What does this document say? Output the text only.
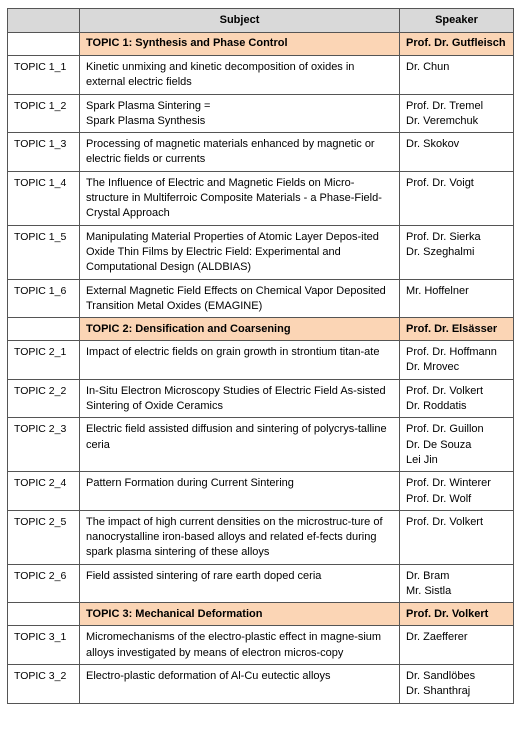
	Subject	Speaker
	TOPIC 1: Synthesis and Phase Control	Prof. Dr. Gutfleisch

TOPIC 1_1	Kinetic unmixing and kinetic decomposition of oxides in external electric fields	Dr. Chun

TOPIC 1_2	Spark Plasma Sintering =
Spark Plasma Synthesis	Prof. Dr. Tremel
Dr. Veremchuk

TOPIC 1_3	Processing of magnetic materials enhanced by magnetic or electric fields or currents	Dr. Skokov

TOPIC 1_4	The Influence of Electric and Magnetic Fields on Micro-structure in Multiferroic Composite Materials - a Phase-Field-Crystal Approach	Prof. Dr. Voigt

TOPIC 1_5	Manipulating Material Properties of Atomic Layer Depos-ited Oxide Thin Films by Electric Field: Experimental and Computational Design (ALDBIAS)	Prof. Dr. Sierka
Dr. Szeghalmi

TOPIC 1_6	External Magnetic Field Effects on Chemical Vapor Deposited Transition Metal Oxides (EMAGINE)	Mr. Hoffelner

	TOPIC 2: Densification and Coarsening	Prof. Dr. Elsässer

TOPIC 2_1	Impact of electric fields on grain growth in strontium titan-ate	Prof. Dr. Hoffmann
Dr. Mrovec

TOPIC 2_2	In-Situ Electron Microscopy Studies of Electric Field As-sisted Sintering of Oxide Ceramics	Prof. Dr. Volkert
Dr. Roddatis

TOPIC 2_3	Electric field assisted diffusion and sintering of polycrys-talline ceria	Prof. Dr. Guillon
Dr. De Souza
Lei Jin

TOPIC 2_4	Pattern Formation during Current Sintering	Prof. Dr. Winterer
Prof. Dr. Wolf

TOPIC 2_5	The impact of high current densities on the microstruc-ture of nanocrystalline iron-based alloys and related ef-fects during spark plasma sintering of these alloys	Prof. Dr. Volkert

TOPIC 2_6	Field assisted sintering of rare earth doped ceria	Dr. Bram
Mr. Sistla

	TOPIC 3: Mechanical Deformation	Prof. Dr. Volkert

TOPIC 3_1	Micromechanisms of the electro-plastic effect in magne-sium alloys investigated by means of electron micros-copy	Dr. Zaefferer

TOPIC 3_2	Electro-plastic deformation of Al-Cu eutectic alloys	Dr. Sandlöbes
Dr. Shanthraj
